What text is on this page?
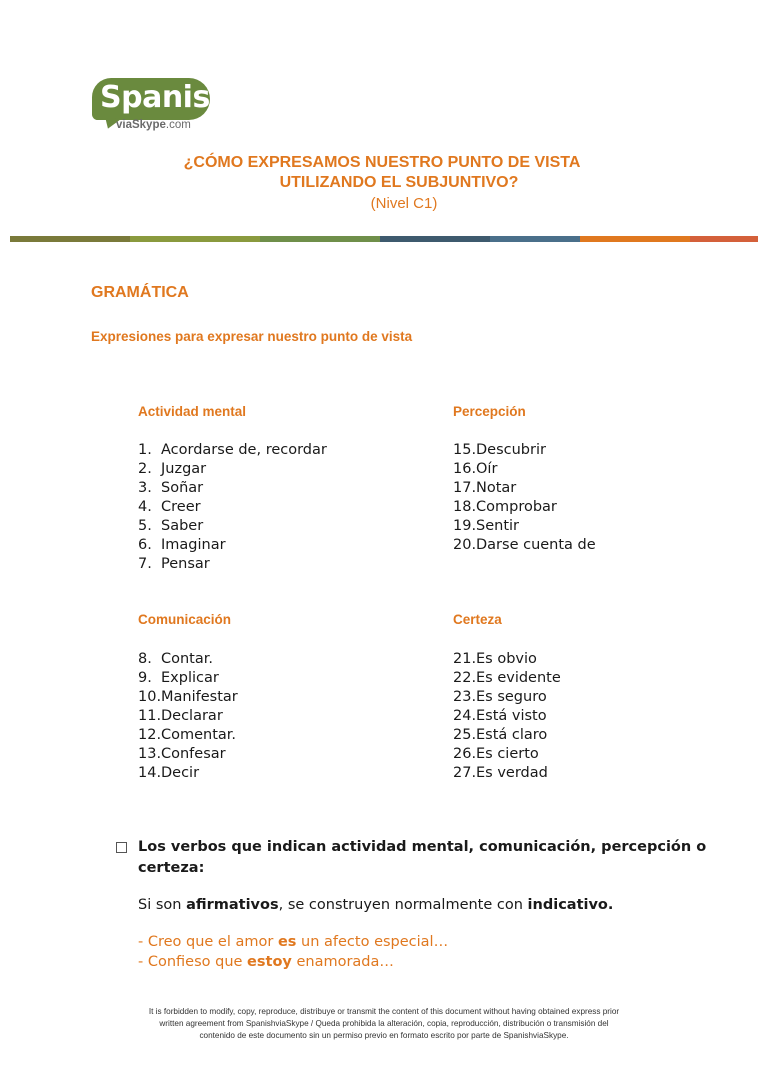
Spanish
viaSkype.com
¿CÓMO EXPRESAMOS NUESTRO PUNTO DE VISTA
UTILIZANDO EL SUBJUNTIVO?
(Nivel C1)
GRAMÁTICA
Expresiones para expresar nuestro punto de vista
Actividad mental
1. Acordarse de, recordar
2. Juzgar
3. Soñar
4. Creer
5. Saber
6. Imaginar
7. Pensar
Percepción
15.Descubrir
16.Oír
17.Notar
18.Comprobar
19.Sentir
20.Darse cuenta de
Comunicación
8. Contar.
9. Explicar
10.Manifestar
11.Declarar
12.Comentar.
13.Confesar
14.Decir
Certeza
21.Es obvio
22.Es evidente
23.Es seguro
24.Está visto
25.Está claro
26.Es cierto
27.Es verdad
Los verbos que indican actividad mental, comunicación, percepción o
certeza:
Si son afirmativos, se construyen normalmente con indicativo.
- Creo que el amor es un afecto especial…
- Confieso que estoy enamorada…
It is forbidden to modify, copy, reproduce, distribuye or transmit the content of this document without having obtained express prior
written agreement from SpanishviaSkype / Queda prohibida la alteración, copia, reproducción, distribución o transmisión del
contenido de este documento sin un permiso previo en formato escrito por parte de SpanishviaSkype.
